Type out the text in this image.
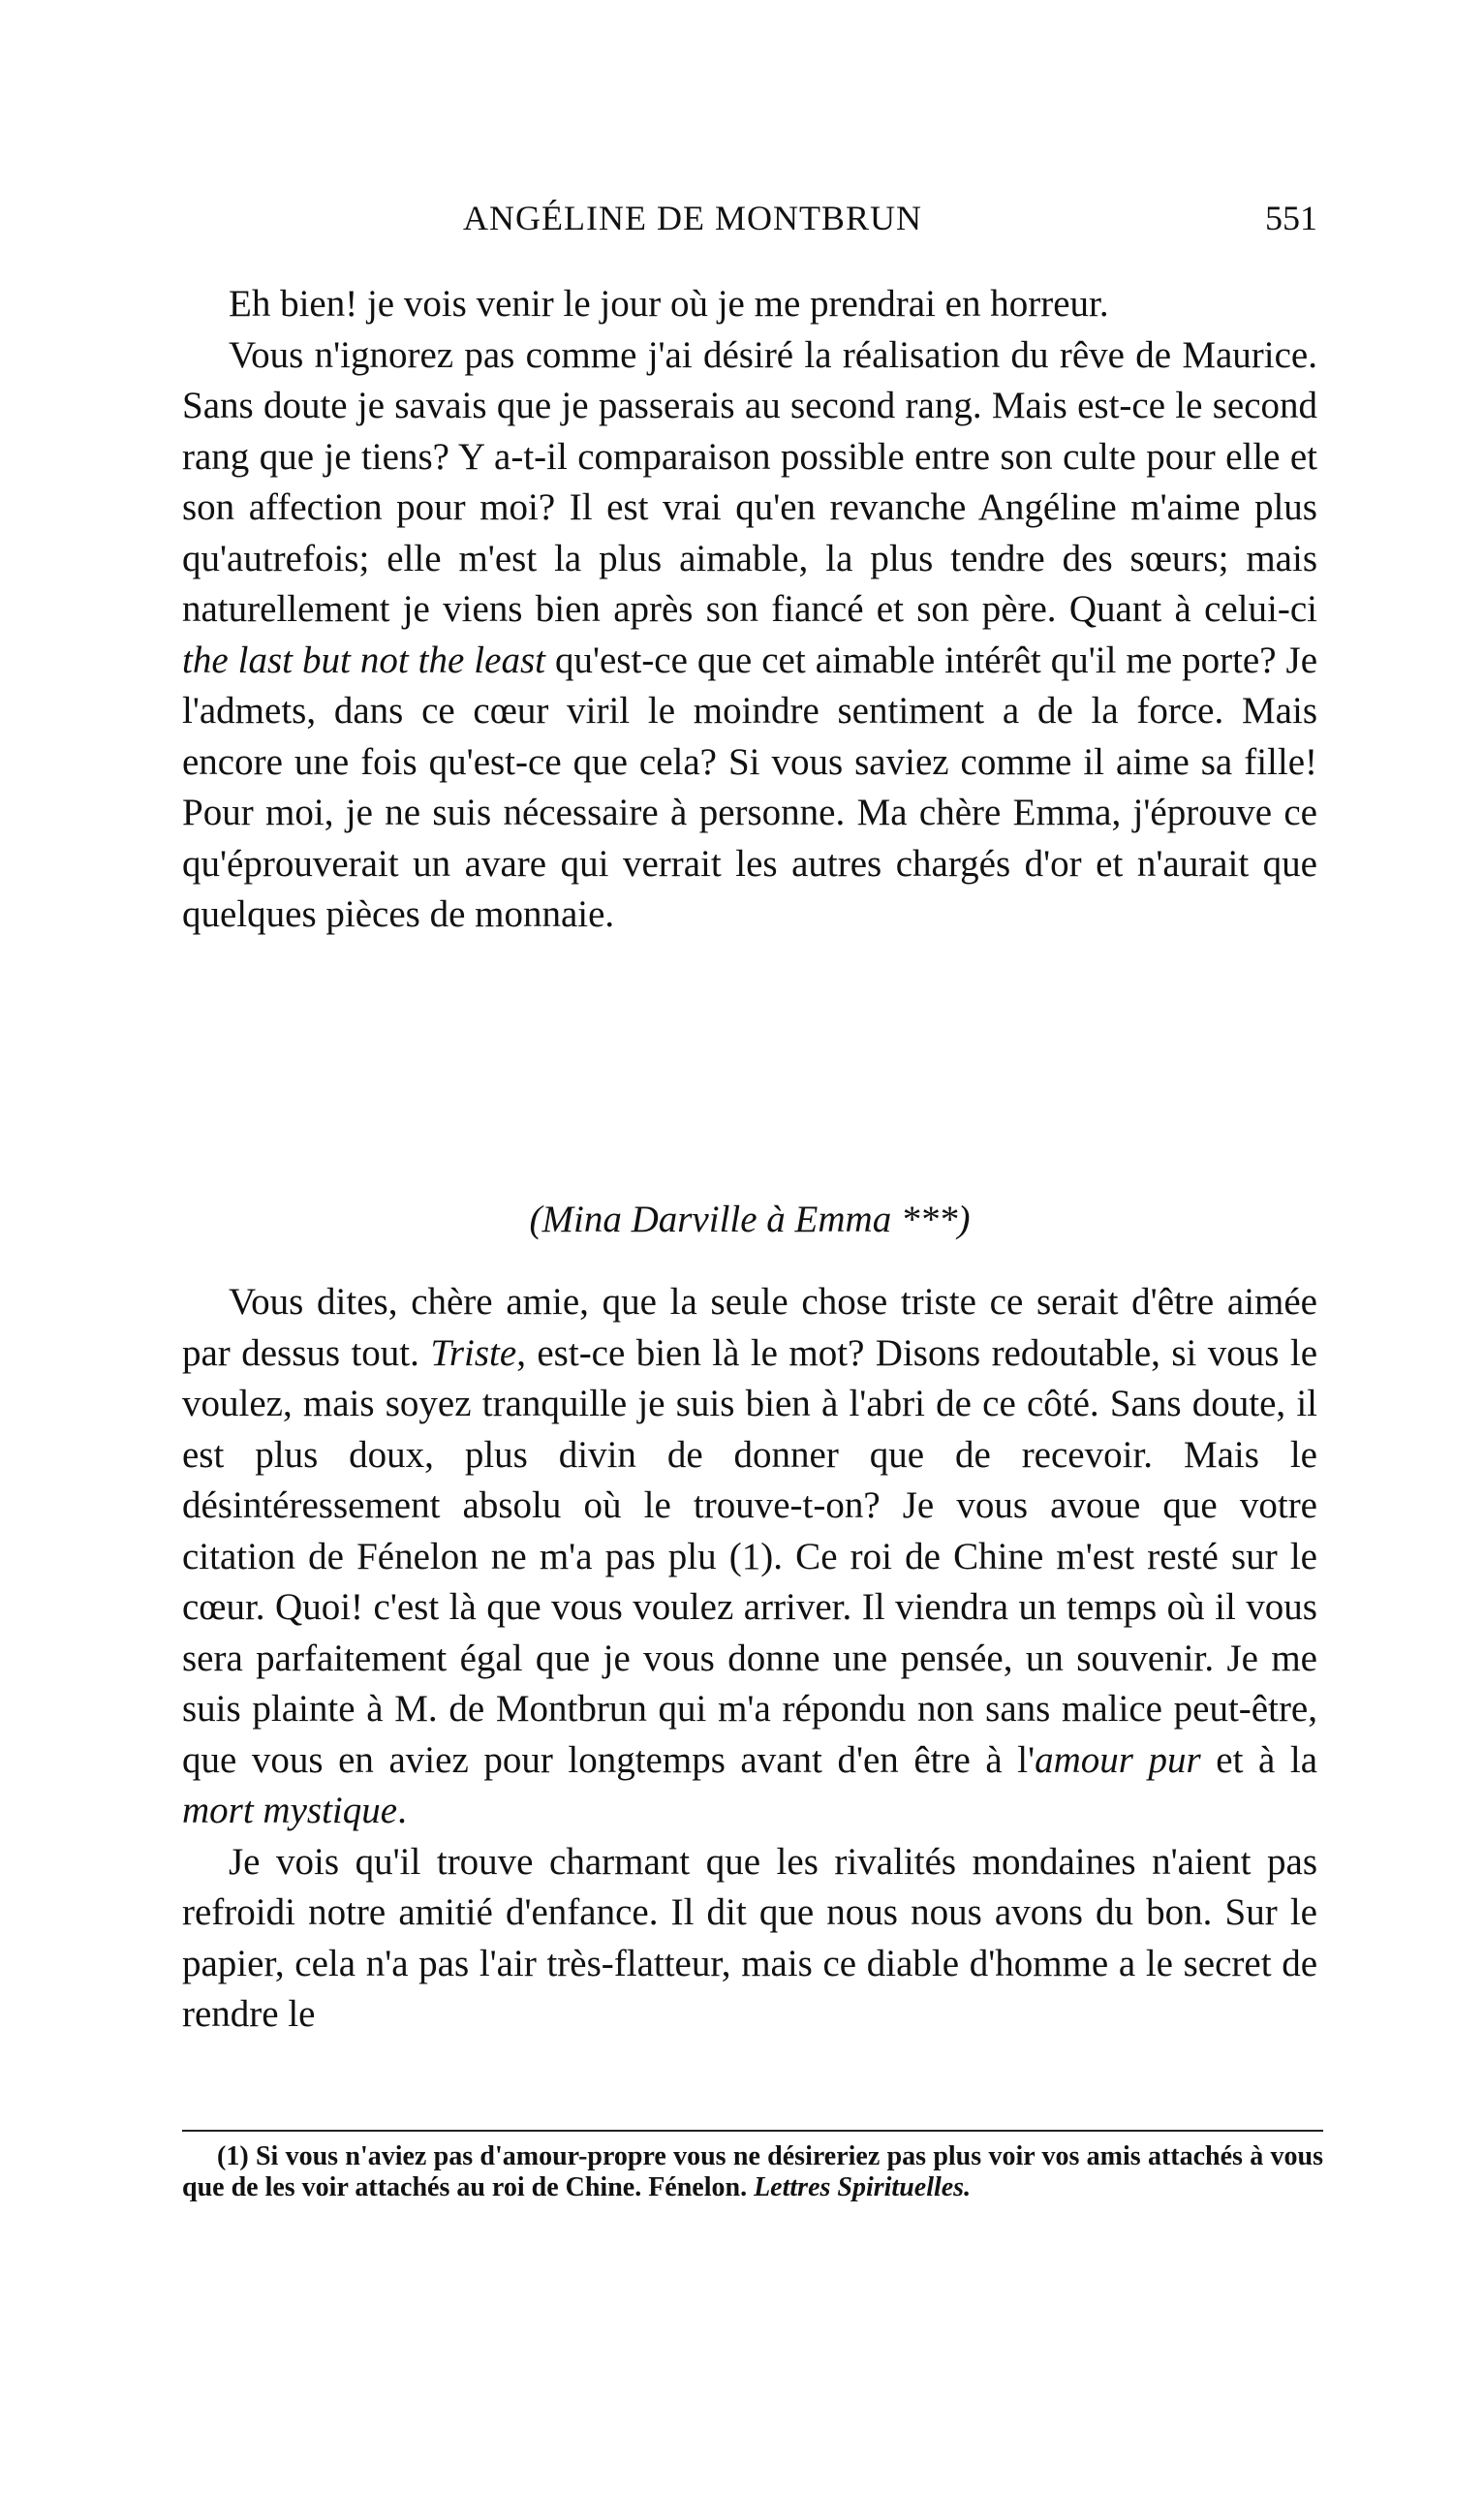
ANGÉLINE DE MONTBRUN	551

Eh bien! je vois venir le jour où je me prendrai en horreur.

Vous n'ignorez pas comme j'ai désiré la réalisation du rêve de Maurice. Sans doute je savais que je passerais au second rang. Mais est-ce le second rang que je tiens? Y a-t-il comparaison possible entre son culte pour elle et son affection pour moi? Il est vrai qu'en revanche Angéline m'aime plus qu'autrefois; elle m'est la plus aimable, la plus tendre des sœurs; mais naturellement je viens bien après son fiancé et son père. Quant à celui-ci the last but not the least qu'est-ce que cet aimable intérêt qu'il me porte? Je l'admets, dans ce cœur viril le moindre sentiment a de la force. Mais encore une fois qu'est-ce que cela? Si vous saviez comme il aime sa fille! Pour moi, je ne suis nécessaire à personne. Ma chère Emma, j'éprouve ce qu'éprouverait un avare qui verrait les autres chargés d'or et n'aurait que quelques pièces de monnaie.

(Mina Darville à Emma ***)

Vous dites, chère amie, que la seule chose triste ce serait d'être aimée par dessus tout. Triste, est-ce bien là le mot? Disons redoutable, si vous le voulez, mais soyez tranquille je suis bien à l'abri de ce côté. Sans doute, il est plus doux, plus divin de donner que de recevoir. Mais le désintéressement absolu où le trouve-t-on? Je vous avoue que votre citation de Fénelon ne m'a pas plu (1). Ce roi de Chine m'est resté sur le cœur. Quoi! c'est là que vous voulez arriver. Il viendra un temps où il vous sera parfaitement égal que je vous donne une pensée, un souvenir. Je me suis plainte à M. de Montbrun qui m'a répondu non sans malice peut-être, que vous en aviez pour longtemps avant d'en être à l'amour pur et à la mort mystique.

Je vois qu'il trouve charmant que les rivalités mondaines n'aient pas refroidi notre amitié d'enfance. Il dit que nous nous avons du bon. Sur le papier, cela n'a pas l'air très-flatteur, mais ce diable d'homme a le secret de rendre le

(1) Si vous n'aviez pas d'amour-propre vous ne désireriez pas plus voir vos amis attachés à vous que de les voir attachés au roi de Chine. Fénelon. Lettres Spirituelles.
